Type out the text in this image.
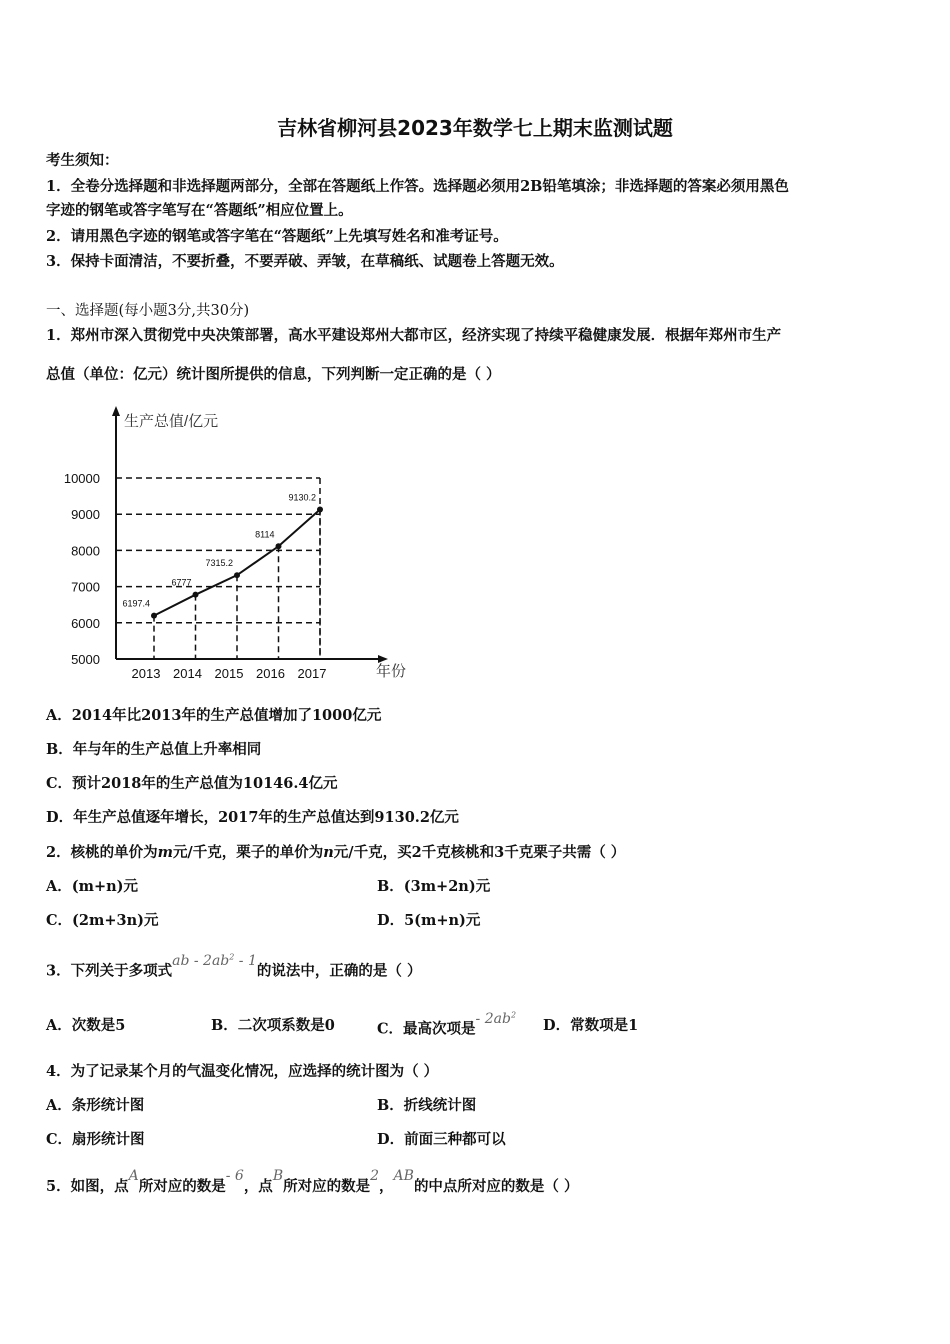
吉林省柳河县2023年数学七上期末监测试题
考生须知：
1．全卷分选择题和非选择题两部分，全部在答题纸上作答。选择题必须用2B铅笔填涂；非选择题的答案必须用黑色
字迹的钢笔或答字笔写在“答题纸”相应位置上。
2．请用黑色字迹的钢笔或答字笔在“答题纸”上先填写姓名和准考证号。
3．保持卡面清洁，不要折叠，不要弄破、弄皱，在草稿纸、试题卷上答题无效。
一、选择题(每小题3分,共30分)
1．郑州市深入贯彻党中央决策部署，高水平建设郑州大都市区，经济实现了持续平稳健康发展．根据年郑州市生产
总值（单位：亿元）统计图所提供的信息，下列判断一定正确的是（ ）
生产总值/亿元
年份
5000
6000
7000
8000
9000
10000
6197.4
6777
7315.2
8114
9130.2
2013 2014 2015 2016 2017
A．2014年比2013年的生产总值增加了1000亿元
B．年与年的生产总值上升率相同
C．预计2018年的生产总值为10146.4亿元
D．年生产总值逐年增长，2017年的生产总值达到9130.2亿元
2．核桃的单价为m元/千克，栗子的单价为n元/千克，买2千克核桃和3千克栗子共需（ ）
A．(m+n)元	B．(3m+2n)元
C．(2m+3n)元	D．5(m+n)元
3．下列关于多项式ab - $2ab^2 - 1$的说法中，正确的是（ ）
A．次数是5	B．二次项系数是0	C．最高次项是- $2ab^2$
D．常数项是1
4．为了记录某个月的气温变化情况，应选择的统计图为（ ）
A．条形统计图	B．折线统计图
C．扇形统计图	D．前面三种都可以
5．如图，点A所对应的数是- 6，点B所对应的数是2，AB的中点所对应的数是（ ）
